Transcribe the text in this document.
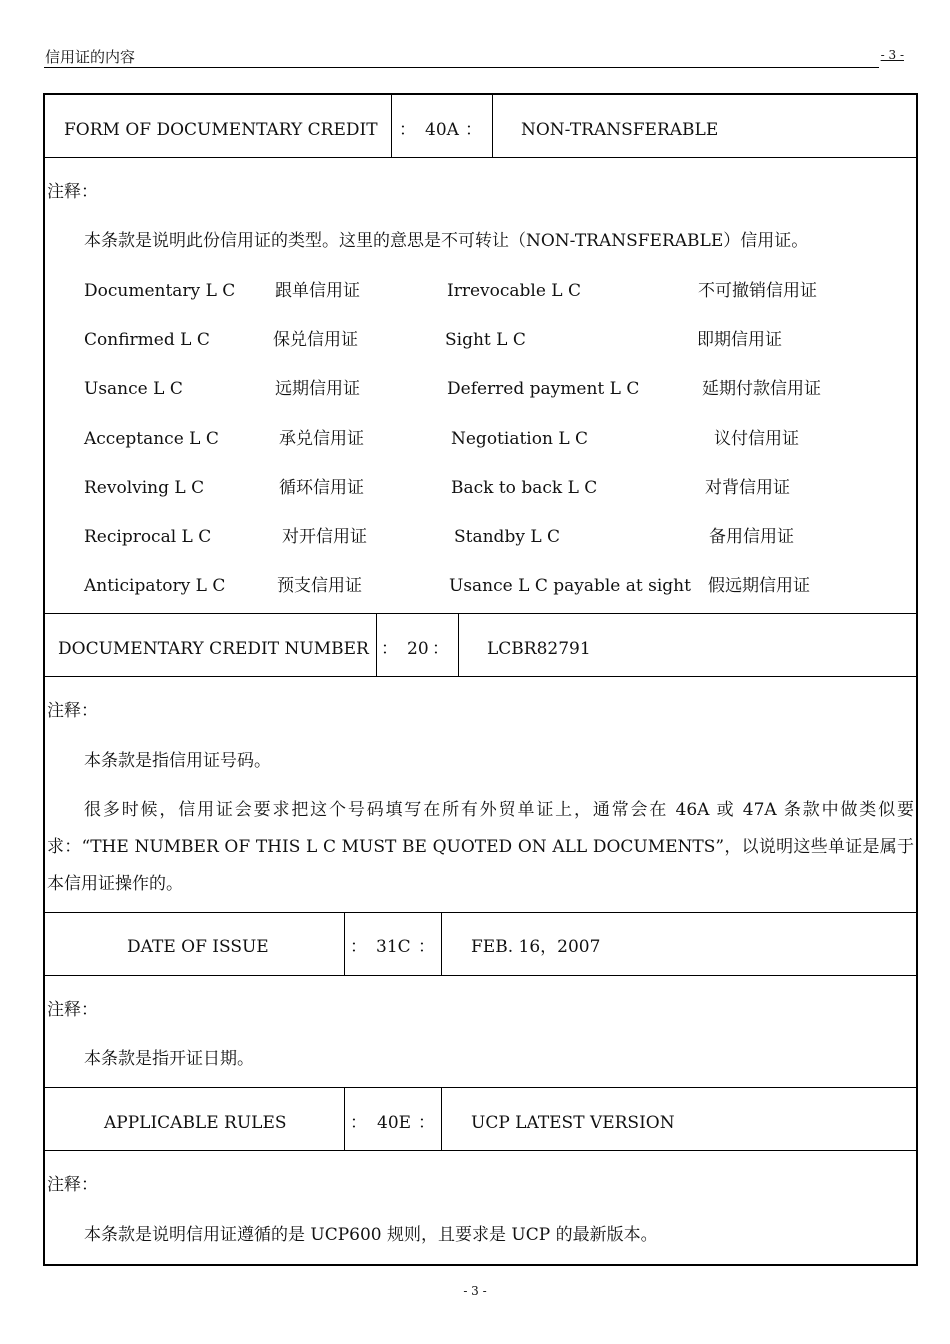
信用证的内容	- 3 -
FORM OF DOCUMENTARY CREDIT ： 40A ： NON-TRANSFERABLE
注释：
本条款是说明此份信用证的类型。这里的意思是不可转让（NON-TRANSFERABLE）信用证。
Documentary L C 跟单信用证	Irrevocable L C	不可撤销信用证
Confirmed L C	保兑信用证	Sight L C	即期信用证
Usance L C	远期信用证	Deferred payment L C	延期付款信用证
Acceptance L C	承兑信用证	Negotiation L C	议付信用证
Revolving L C	循环信用证	Back to back L C	对背信用证
Reciprocal L C	对开信用证	Standby L C	备用信用证
Anticipatory L C	预支信用证	Usance L C payable at sight 假远期信用证
DOCUMENTARY CREDIT NUMBER ： 20 ： LCBR82791
注释：
本条款是指信用证号码。
很多时候，信用证会要求把这个号码填写在所有外贸单证上，通常会在 46A 或 47A 条款中做类似要求：“THE NUMBER OF THIS L C MUST BE QUOTED ON ALL DOCUMENTS”，以说明这些单证是属于本信用证操作的。
DATE OF ISSUE	： 31C ： FEB. 16，2007
注释：
本条款是指开证日期。
APPLICABLE RULES	： 40E ： UCP LATEST VERSION
注释：
本条款是说明信用证遵循的是 UCP600 规则，且要求是 UCP 的最新版本。
- 3 -
